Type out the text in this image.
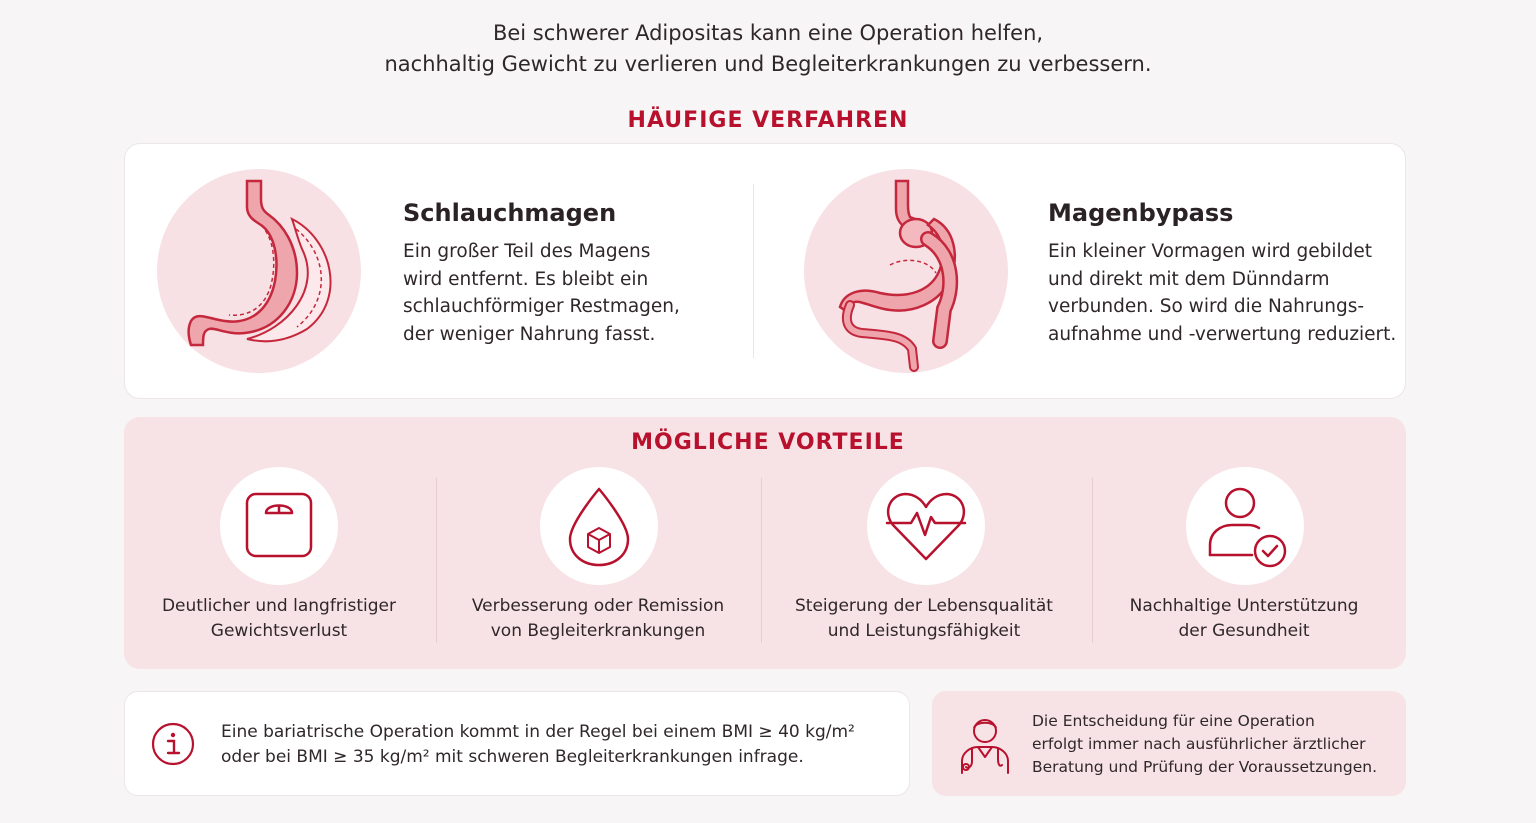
Bei schwerer Adipositas kann eine Operation helfen,
nachhaltig Gewicht zu verlieren und Begleiterkrankungen zu verbessern.
HÄUFIGE VERFAHREN
Schlauchmagen
Ein großer Teil des Magens
wird entfernt. Es bleibt ein
schlauchförmiger Restmagen,
der weniger Nahrung fasst.
Magenbypass
Ein kleiner Vormagen wird gebildet
und direkt mit dem Dünndarm
verbunden. So wird die Nahrungs-
aufnahme und -verwertung reduziert.
MÖGLICHE VORTEILE
Deutlicher und langfristiger
Gewichtsverlust
Verbesserung oder Remission
von Begleiterkrankungen
Steigerung der Lebensqualität
und Leistungsfähigkeit
Nachhaltige Unterstützung
der Gesundheit
Eine bariatrische Operation kommt in der Regel bei einem BMI ≥ 40 kg/m²
oder bei BMI ≥ 35 kg/m² mit schweren Begleiterkrankungen infrage.
Die Entscheidung für eine Operation
erfolgt immer nach ausführlicher ärztlicher
Beratung und Prüfung der Voraussetzungen.
